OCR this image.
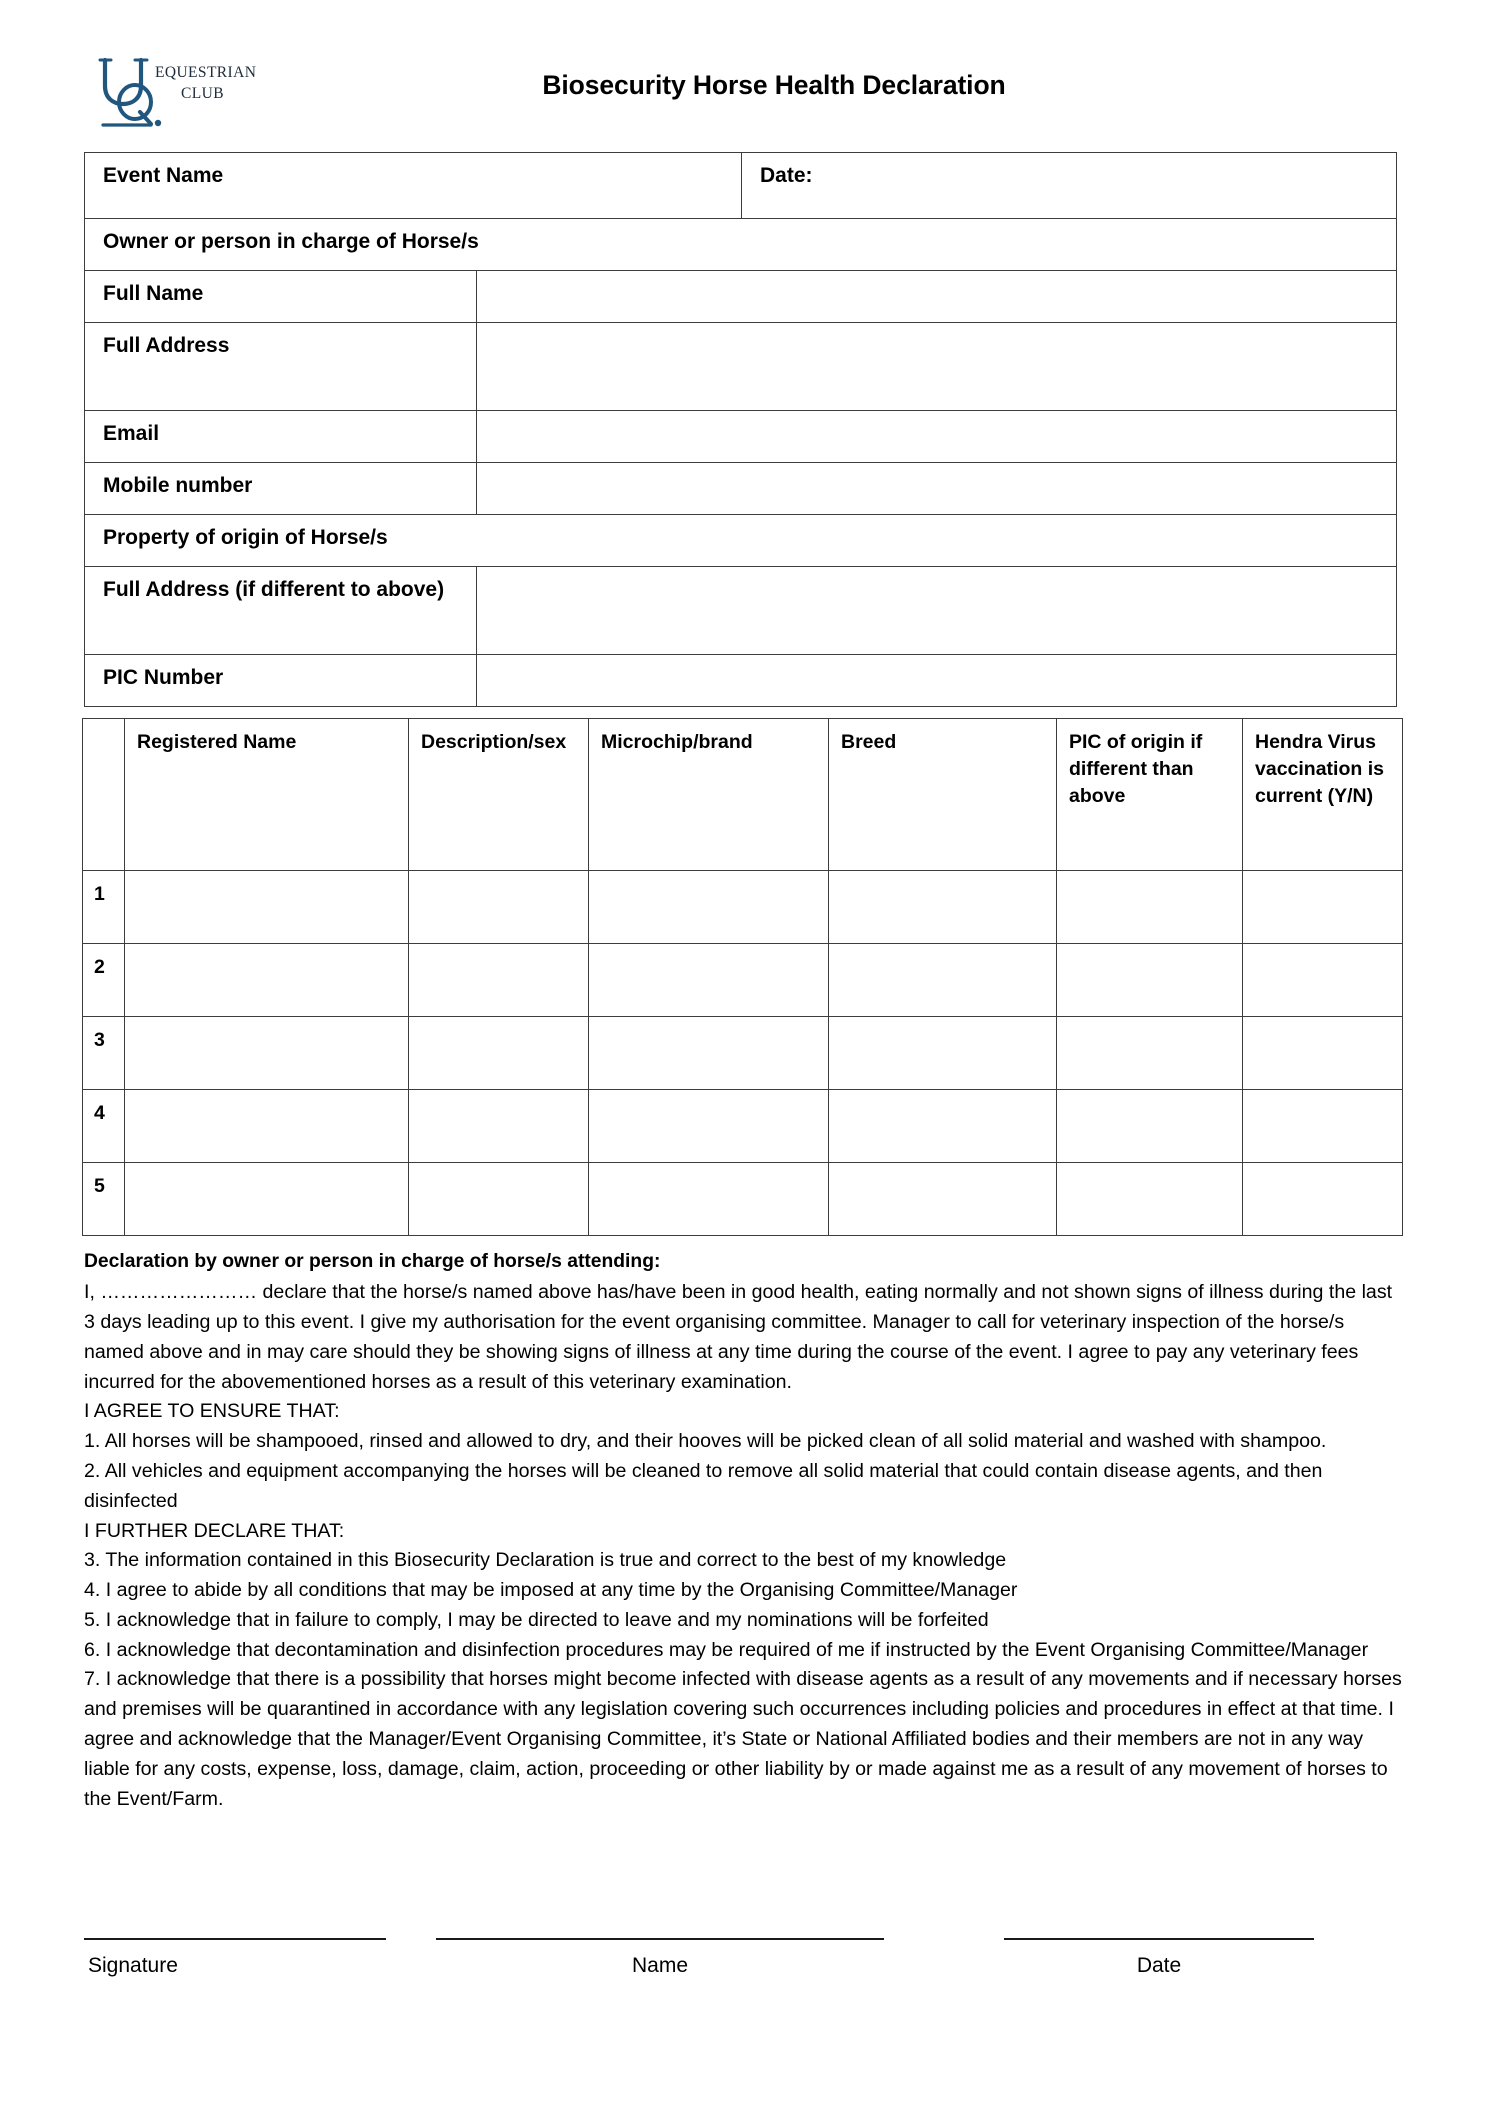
EQUESTRIAN
CLUB	Biosecurity Horse Health Declaration
Event Name	
		Date:

Owner or person in charge of Horse/s
Full Name	
Full Address	
Email	
Mobile number	
Property of origin of Horse/s
Full Address (if different to above)	
PIC Number	
	Registered Name	Description/sex	Microchip/brand	Breed	PIC of origin if different than above	Hendra Virus vaccination is current (Y/N)
1						
2						
3						
4						
5						

Declaration by owner or person in charge of horse/s attending:

I, …………………… declare that the horse/s named above has/have been in good health, eating normally and not shown signs of illness during the last 3 days leading up to this event. I give my authorisation for the event organising committee. Manager to call for veterinary inspection of the horse/s named above and in may care should they be showing signs of illness at any time during the course of the event. I agree to pay any veterinary fees incurred for the abovementioned horses as a result of this veterinary examination.

I AGREE TO ENSURE THAT:

1. All horses will be shampooed, rinsed and allowed to dry, and their hooves will be picked clean of all solid material and washed with shampoo.

2. All vehicles and equipment accompanying the horses will be cleaned to remove all solid material that could contain disease agents, and then disinfected

I FURTHER DECLARE THAT:

3. The information contained in this Biosecurity Declaration is true and correct to the best of my knowledge

4. I agree to abide by all conditions that may be imposed at any time by the Organising Committee/Manager

5. I acknowledge that in failure to comply, I may be directed to leave and my nominations will be forfeited

6. I acknowledge that decontamination and disinfection procedures may be required of me if instructed by the Event Organising Committee/Manager

7. I acknowledge that there is a possibility that horses might become infected with disease agents as a result of any movements and if necessary horses and premises will be quarantined in accordance with any legislation covering such occurrences including policies and procedures in effect at that time. I agree and acknowledge that the Manager/Event Organising Committee, it’s State or National Affiliated bodies and their members are not in any way liable for any costs, expense, loss, damage, claim, action, proceeding or other liability by or made against me as a result of any movement of horses to the Event/Farm.

Signature	Name	Date
